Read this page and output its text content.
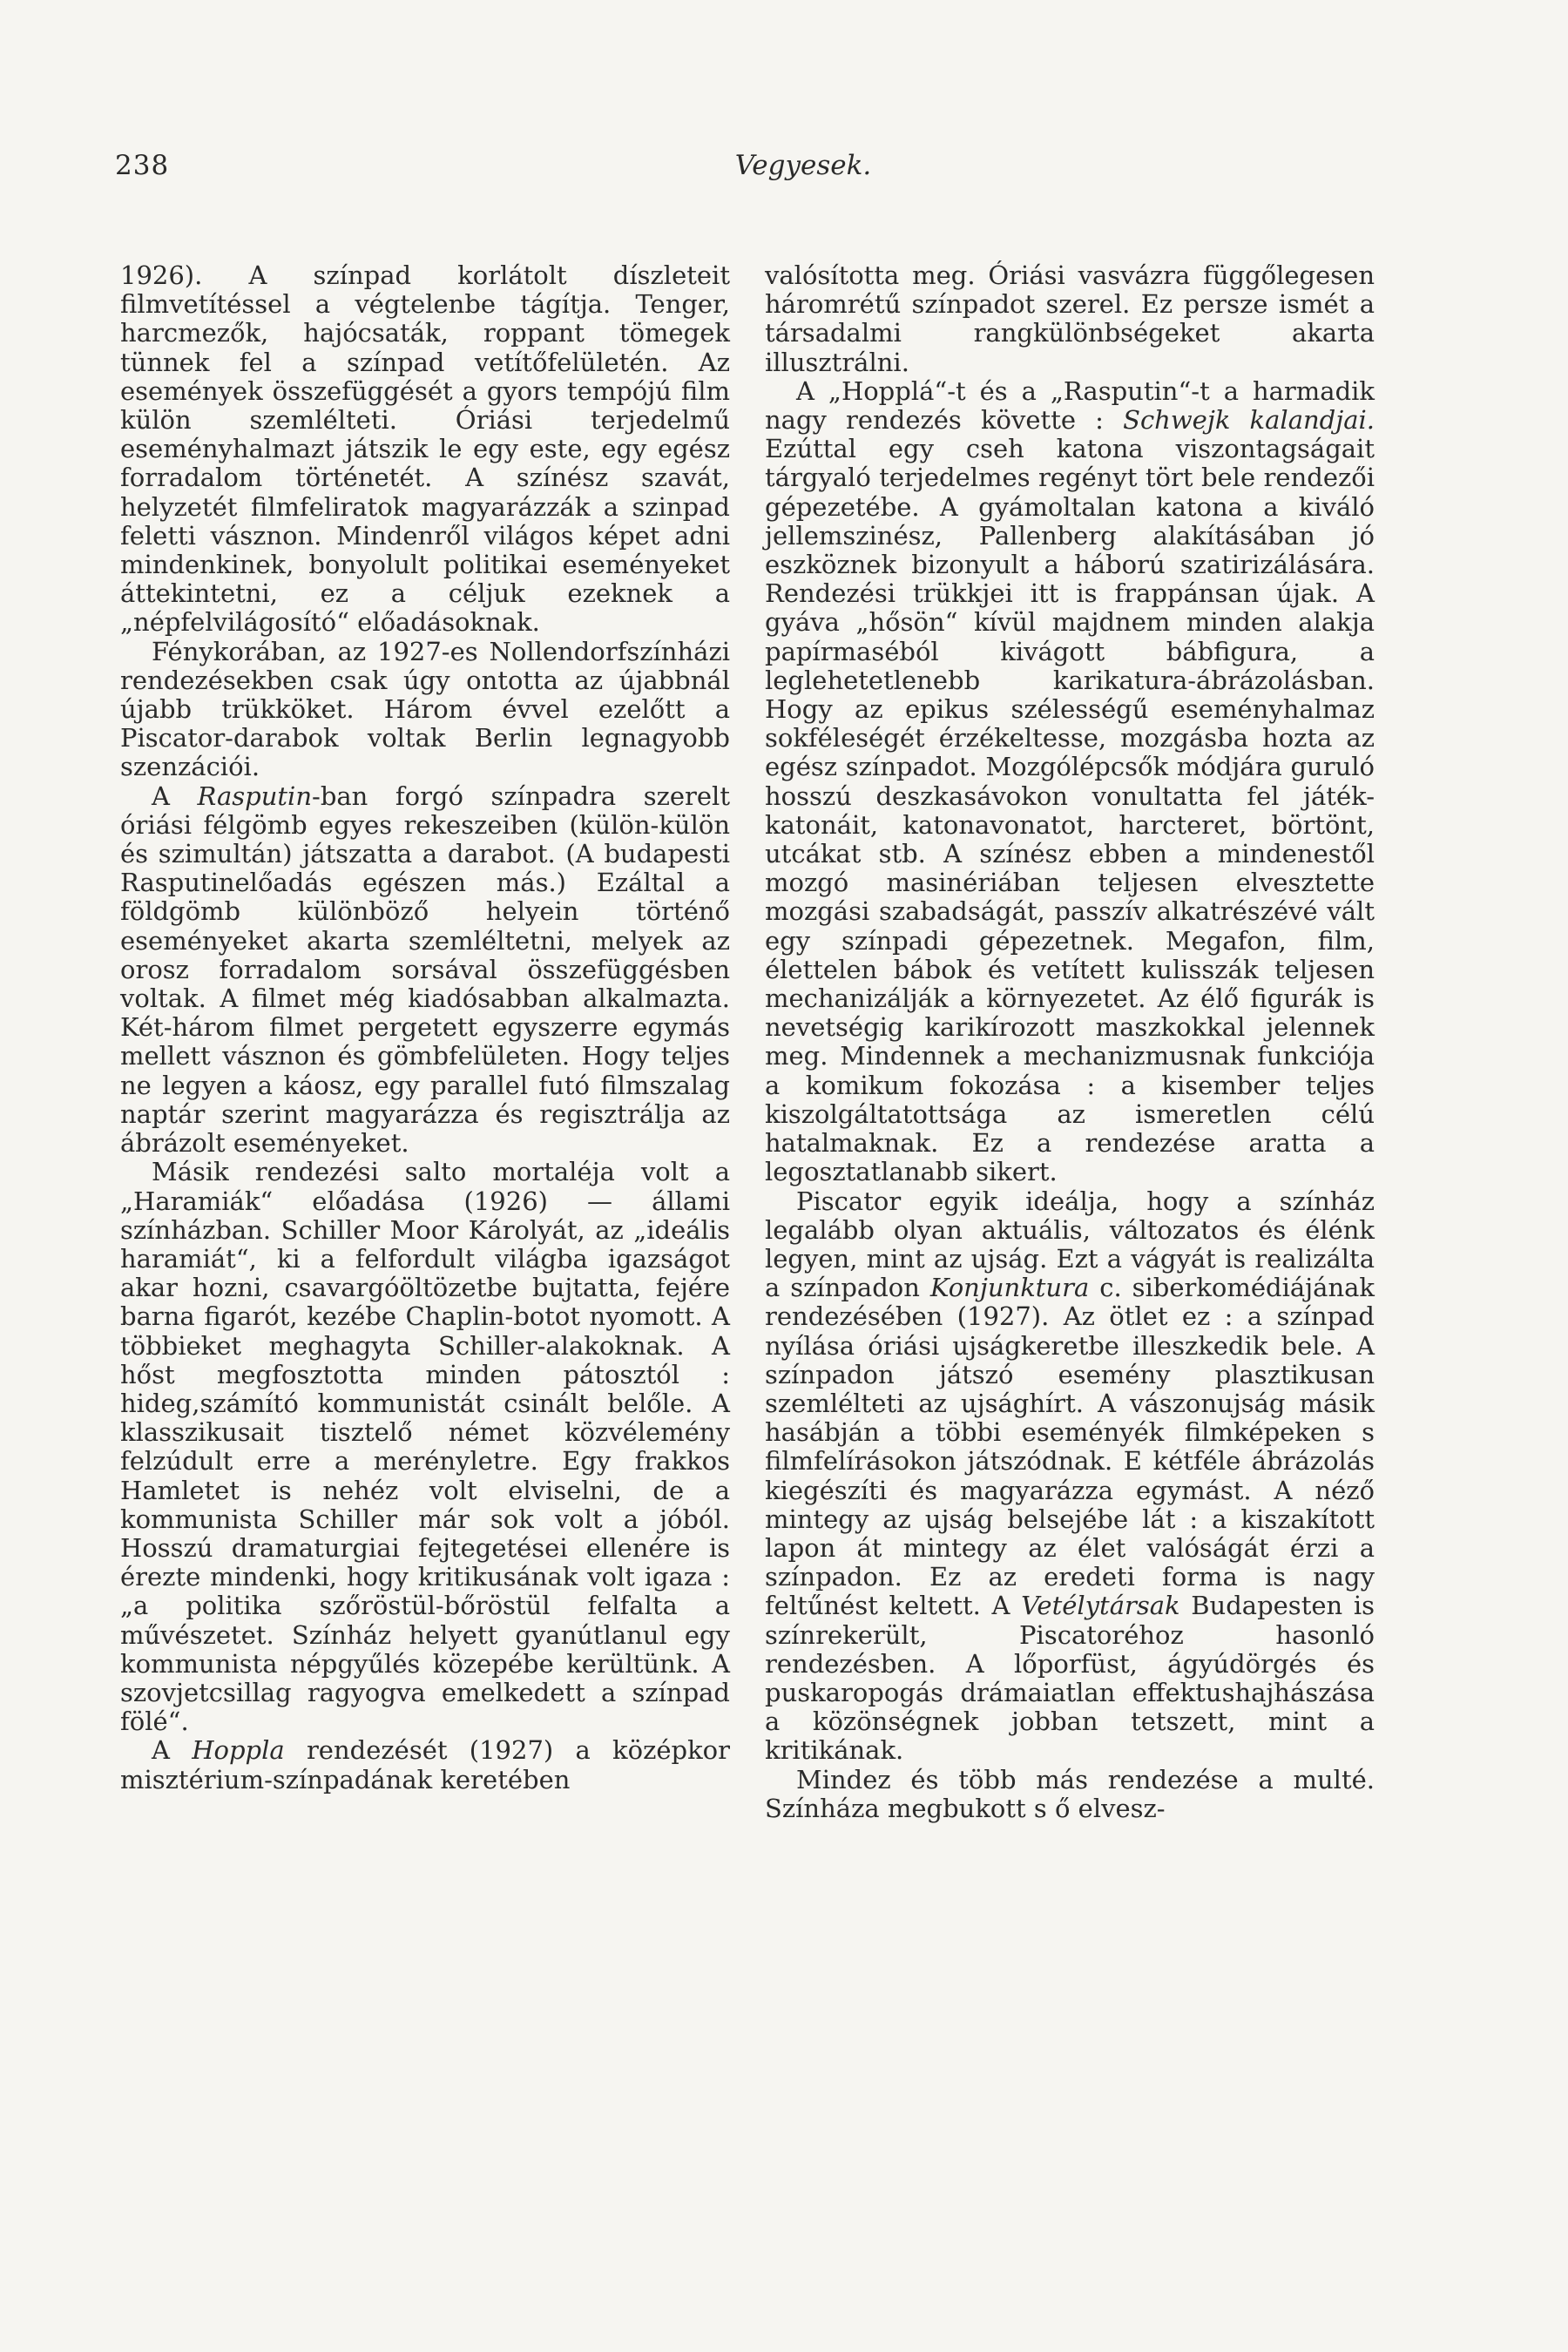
238	Vegyesek.

1926). A színpad korlátolt díszleteit filmvetítéssel a végtelenbe tágítja. Tenger, harcmezők, hajócsaták, roppant tömegek tünnek fel a színpad vetítőfelületén. Az események összefüggését a gyors tempójú film külön szemlélteti. Óriási terjedelmű eseményhalmazt játszik le egy este, egy egész forradalom történetét. A színész szavát, helyzetét filmfeliratok magyarázzák a szinpad feletti vásznon. Mindenről világos képet adni mindenkinek, bonyolult politikai eseményeket áttekintetni, ez a céljuk ezeknek a „népfelvilágosító“ előadásoknak.

Fénykorában, az 1927-es Nollendorfszínházi rendezésekben csak úgy ontotta az újabbnál újabb trükköket. Három évvel ezelőtt a Piscator-darabok voltak Berlin legnagyobb szenzációi.

A Rasputin-ban forgó színpadra szerelt óriási félgömb egyes rekeszeiben (külön-külön és szimultán) játszatta a darabot. (A budapesti Rasputinelőadás egészen más.) Ezáltal a földgömb különböző helyein történő eseményeket akarta szemléltetni, melyek az orosz forradalom sorsával összefüggésben voltak. A filmet még kiadósabban alkalmazta. Két-három filmet pergetett egyszerre egymás mellett vásznon és gömbfelületen. Hogy teljes ne legyen a káosz, egy parallel futó filmszalag naptár szerint magyarázza és regisztrálja az ábrázolt eseményeket.

Másik rendezési salto mortaléja volt a „Haramiák“ előadása (1926) — állami színházban. Schiller Moor Károlyát, az „ideális haramiát“, ki a felfordult világba igazságot akar hozni, csavargóöltözetbe bujtatta, fejére barna figarót, kezébe Chaplin-botot nyomott. A többieket meghagyta Schiller-alakoknak. A hőst megfosztotta minden pátosztól : hideg,számító kommunistát csinált belőle. A klasszikusait tisztelő német közvélemény felzúdult erre a merényletre. Egy frakkos Hamletet is nehéz volt elviselni, de a kommunista Schiller már sok volt a jóból. Hosszú dramaturgiai fejtegetései ellenére is érezte mindenki, hogy kritikusának volt igaza : „a politika szőröstül-bőröstül felfalta a művészetet. Színház helyett gyanútlanul egy kommunista népgyűlés közepébe kerültünk. A szovjetcsillag ragyogva emelkedett a színpad fölé“.

A Hoppla rendezését (1927) a középkor misztérium-színpadának keretében

valósította meg. Óriási vasvázra függőlegesen háromrétű színpadot szerel. Ez persze ismét a társadalmi rangkülönbségeket akarta illusztrálni.

A „Hopplá“-t és a „Rasputin“-t a harmadik nagy rendezés követte : Schwejk kalandjai. Ezúttal egy cseh katona viszontagságait tárgyaló terjedelmes regényt tört bele rendezői gépezetébe. A gyámoltalan katona a kiváló jellemszinész, Pallenberg alakításában jó eszköznek bizonyult a háború szatirizálására. Rendezési trükkjei itt is frappánsan újak. A gyáva „hősön“ kívül majdnem minden alakja papírmaséból kivágott bábfigura, a leglehetetlenebb karikatura-ábrázolásban. Hogy az epikus szélességű eseményhalmaz sokféleségét érzékeltesse, mozgásba hozta az egész színpadot. Mozgólépcsők módjára guruló hosszú deszkasávokon vonultatta fel játék-katonáit, katonavonatot, harcteret, börtönt, utcákat stb. A színész ebben a mindenestől mozgó masinériában teljesen elvesztette mozgási szabadságát, passzív alkatrészévé vált egy színpadi gépezetnek. Megafon, film, élettelen bábok és vetített kulisszák teljesen mechanizálják a környezetet. Az élő figurák is nevetségig karikírozott maszkokkal jelennek meg. Mindennek a mechanizmusnak funkciója a komikum fokozása : a kisember teljes kiszolgáltatottsága az ismeretlen célú hatalmaknak. Ez a rendezése aratta a legosztatlanabb sikert.

Piscator egyik ideálja, hogy a színház legalább olyan aktuális, változatos és élénk legyen, mint az ujság. Ezt a vágyát is realizálta a színpadon Konjunktura c. siberkomédiájának rendezésében (1927). Az ötlet ez : a színpad nyílása óriási ujságkeretbe illeszkedik bele. A színpadon játszó esemény plasztikusan szemlélteti az ujsághírt. A vászonujság másik hasábján a többi eseményék filmképeken s filmfelírásokon játszódnak. E kétféle ábrázolás kiegészíti és magyarázza egymást. A néző mintegy az ujság belsejébe lát : a kiszakított lapon át mintegy az élet valóságát érzi a színpadon. Ez az eredeti forma is nagy feltűnést keltett. A Vetélytársak Budapesten is színrekerült, Piscatoréhoz hasonló rendezésben. A lőporfüst, ágyúdörgés és puskaropogás drámaiatlan effektushajhászása a közönségnek jobban tetszett, mint a kritikának.

Mindez és több más rendezése a multé. Színháza megbukott s ő elvesz-
